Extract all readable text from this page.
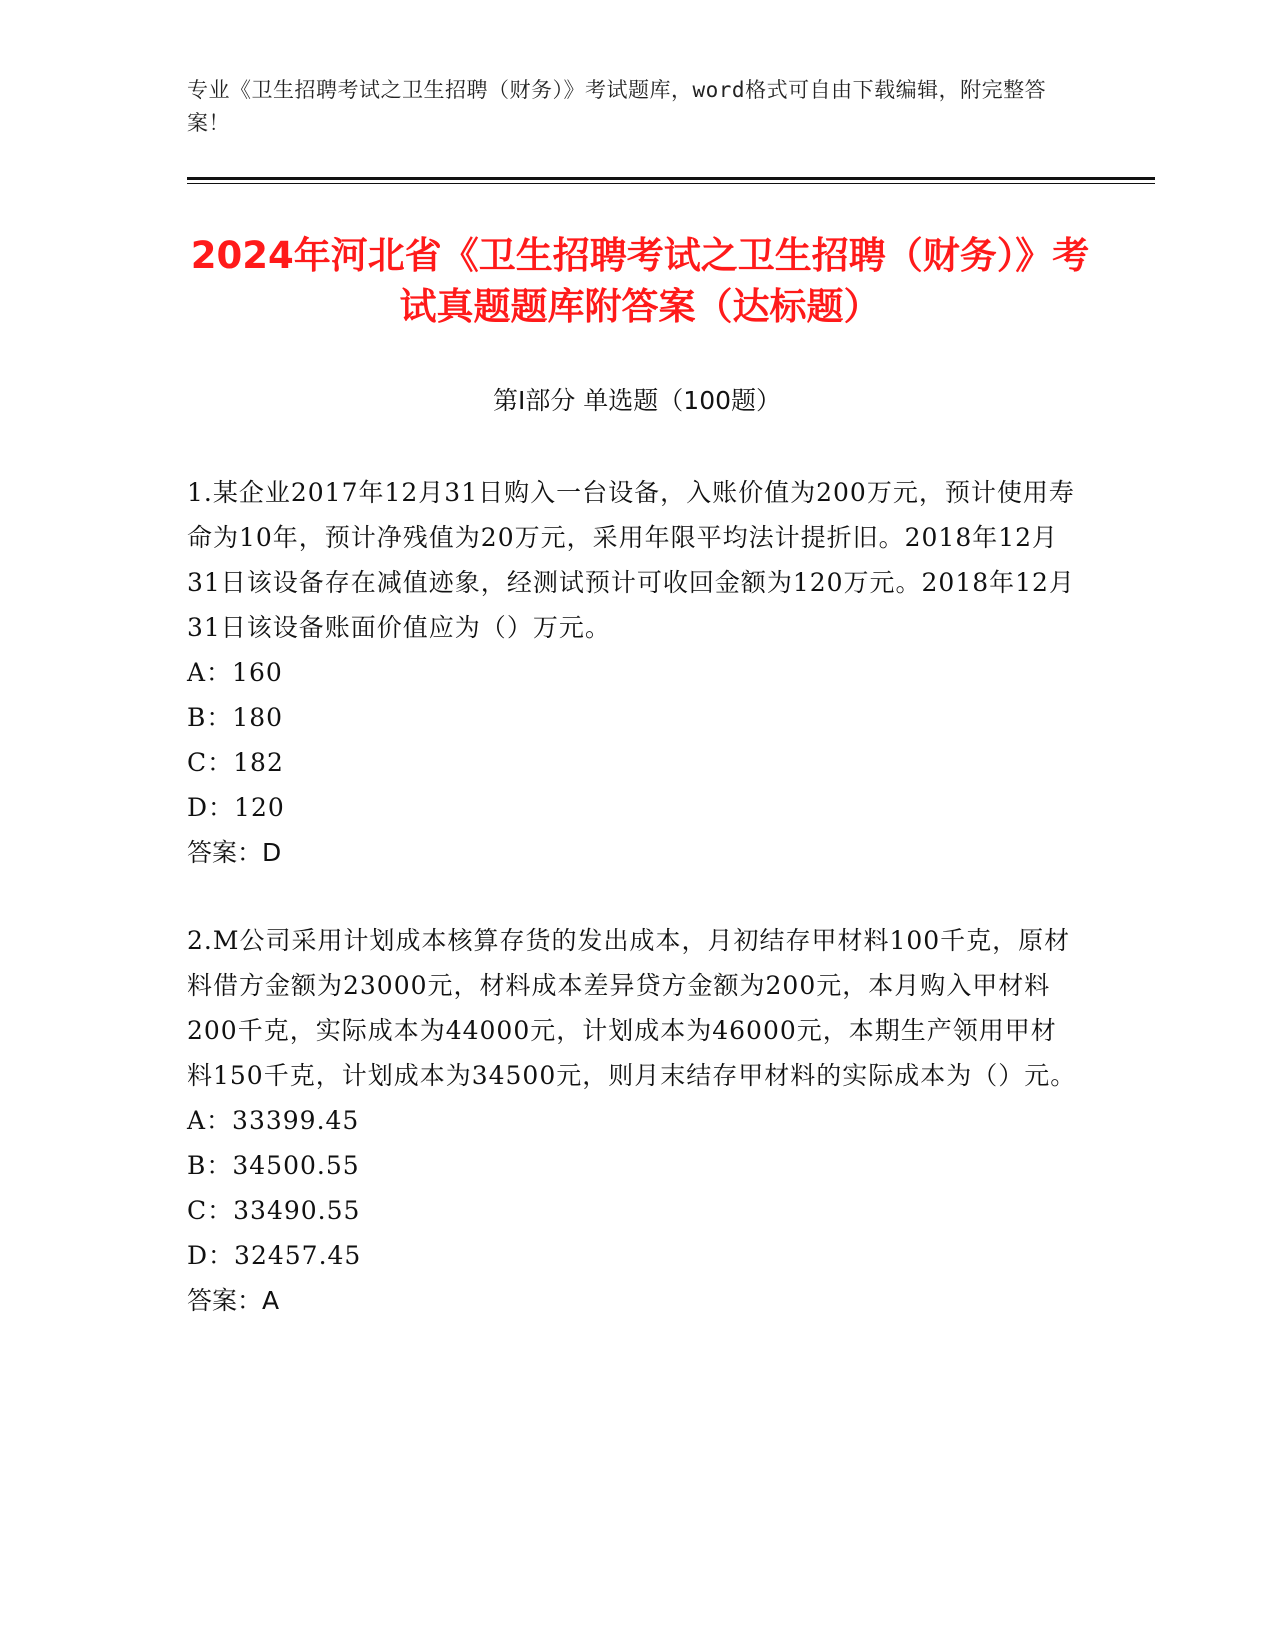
专业《卫生招聘考试之卫生招聘（财务）》考试题库，word格式可自由下载编辑，附完整答案！
2024年河北省《卫生招聘考试之卫生招聘（财务）》考试真题题库附答案（达标题）
第Ⅰ部分 单选题（100题）

1.某企业2017年12月31日购入一台设备，入账价值为200万元，预计使用寿命为10年，预计净残值为20万元，采用年限平均法计提折旧。2018年12月31日该设备存在减值迹象，经测试预计可收回金额为120万元。2018年12月31日该设备账面价值应为（）万元。

A：160

B：180

C：182

D：120

答案：D

2.M公司采用计划成本核算存货的发出成本，月初结存甲材料100千克，原材料借方金额为23000元，材料成本差异贷方金额为200元，本月购入甲材料200千克，实际成本为44000元，计划成本为46000元，本期生产领用甲材料150千克，计划成本为34500元，则月末结存甲材料的实际成本为（）元。

A：33399.45

B：34500.55

C：33490.55

D：32457.45

答案：A
